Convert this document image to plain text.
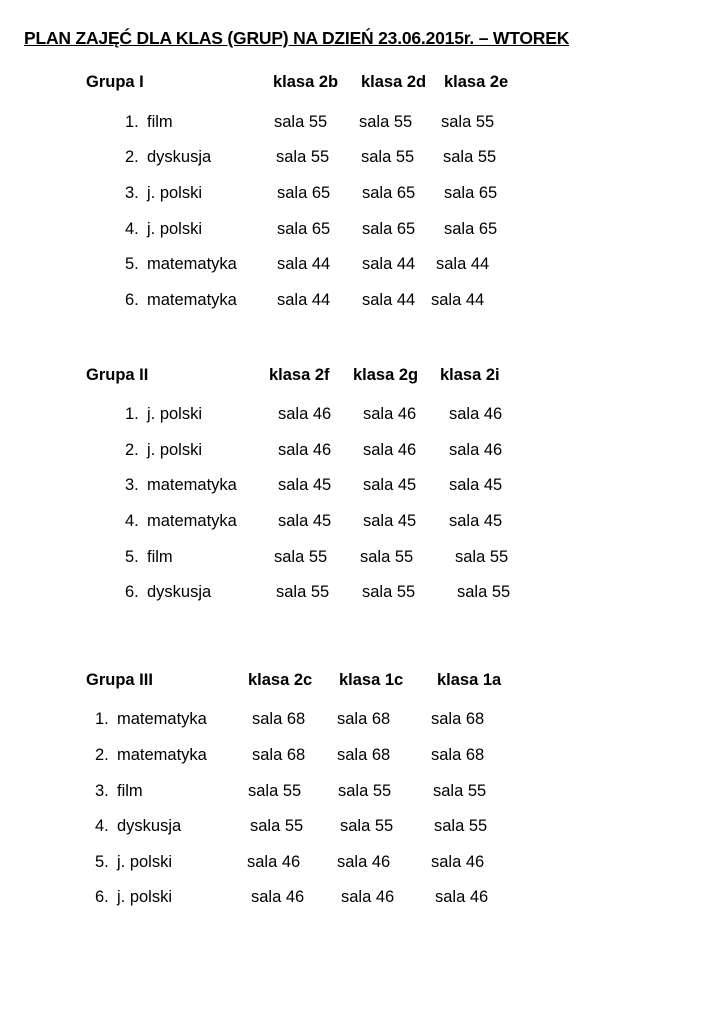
PLAN ZAJĘĆ DLA KLAS (GRUP) NA DZIEŃ 23.06.2015r. – WTOREK
Grupa I	klasa 2b klasa 2d klasa 2e
1. film	sala 55 sala 55 sala 55
2. dyskusja	sala 55 sala 55 sala 55
3. j. polski	sala 65 sala 65 sala 65
4. j. polski	sala 65 sala 65 sala 65
5. matematyka sala 44 sala 44 sala 44
6. matematyka sala 44 sala 44 sala 44
Grupa II	klasa 2f klasa 2g klasa 2i
1. j. polski	sala 46 sala 46 sala 46
2. j. polski	sala 46 sala 46 sala 46
3. matematyka sala 45 sala 45 sala 45
4. matematyka sala 45 sala 45 sala 45
5. film	sala 55 sala 55	sala 55
6. dyskusja	sala 55 sala 55	sala 55
Grupa III	klasa 2c klasa 1c klasa 1a
1. matematyka	sala 68 sala 68 sala 68
2. matematyka	sala 68 sala 68 sala 68
3. film	sala 55 sala 55	sala 55
4. dyskusja	sala 55 sala 55 sala 55
5. j. polski	sala 46 sala 46 sala 46
6. j. polski	sala 46 sala 46 sala 46
